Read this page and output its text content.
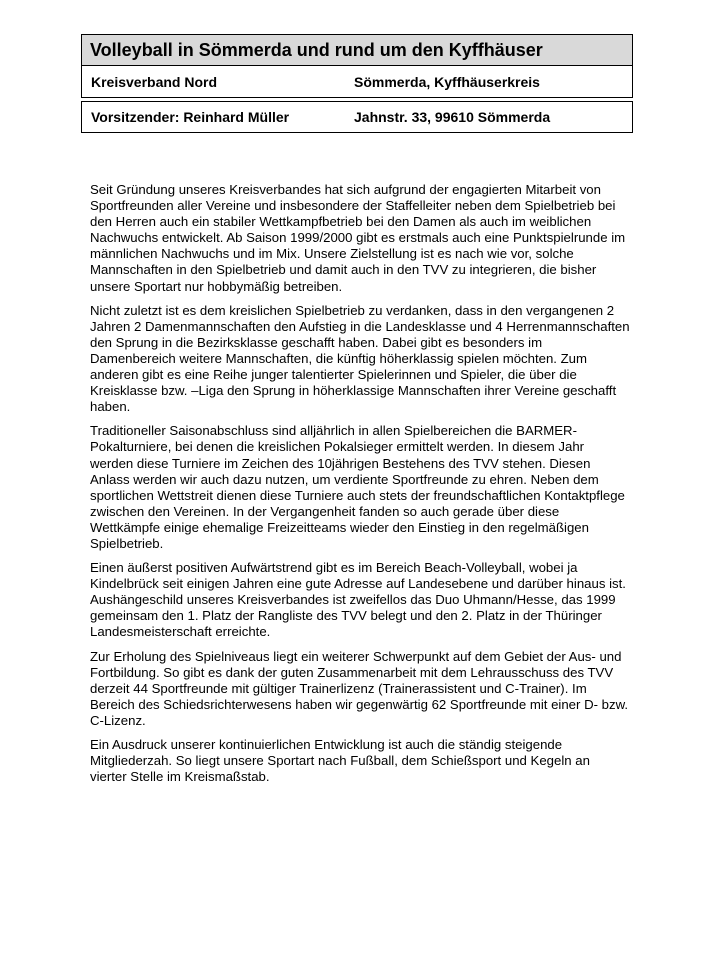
Volleyball in Sömmerda und rund um den Kyffhäuser
Kreisverband Nord	Sömmerda, Kyffhäuserkreis
Vorsitzender: Reinhard Müller	Jahnstr. 33, 99610 Sömmerda

Seit Gründung unseres Kreisverbandes hat sich aufgrund der engagierten Mitarbeit von Sportfreunden aller Vereine und insbesondere der Staffelleiter neben dem Spielbetrieb bei den Herren auch ein stabiler Wettkampfbetrieb bei den Damen als auch im weiblichen Nachwuchs entwickelt. Ab Saison 1999/2000 gibt es erstmals auch eine Punktspielrunde im männlichen Nachwuchs und im Mix. Unsere Zielstellung ist es nach wie vor, solche Mannschaften in den Spielbetrieb und damit auch in den TVV zu integrieren, die bisher unsere Sportart nur hobbymäßig betreiben.

Nicht zuletzt ist es dem kreislichen Spielbetrieb zu verdanken, dass in den vergangenen 2 Jahren 2 Damenmannschaften den Aufstieg in die Landesklasse und 4 Herrenmannschaften den Sprung in die Bezirksklasse geschafft haben. Dabei gibt es besonders im Damenbereich weitere Mannschaften, die künftig höherklassig spielen möchten. Zum anderen gibt es eine Reihe junger talentierter Spielerinnen und Spieler, die über die Kreisklasse bzw. –Liga den Sprung in höherklassige Mannschaften ihrer Vereine geschafft haben.

Traditioneller Saisonabschluss sind alljährlich in allen Spielbereichen die BARMER-Pokalturniere, bei denen die kreislichen Pokalsieger ermittelt werden. In diesem Jahr werden diese Turniere im Zeichen des 10jährigen Bestehens des TVV stehen. Diesen Anlass werden wir auch dazu nutzen, um verdiente Sportfreunde zu ehren. Neben dem sportlichen Wettstreit dienen diese Turniere auch stets der freundschaftlichen Kontaktpflege zwischen den Vereinen. In der Vergangenheit fanden so auch gerade über diese Wettkämpfe einige ehemalige Freizeitteams wieder den Einstieg in den regelmäßigen Spielbetrieb.

Einen äußerst positiven Aufwärtstrend gibt es im Bereich Beach-Volleyball, wobei ja Kindelbrück seit einigen Jahren eine gute Adresse auf Landesebene und darüber hinaus ist. Aushängeschild unseres Kreisverbandes ist zweifellos das Duo Uhmann/Hesse, das 1999 gemeinsam den 1. Platz der Rangliste des TVV belegt und den 2. Platz in der Thüringer Landesmeisterschaft erreichte.

Zur Erholung des Spielniveaus liegt ein weiterer Schwerpunkt auf dem Gebiet der Aus- und Fortbildung. So gibt es dank der guten Zusammenarbeit mit dem Lehrausschuss des TVV derzeit 44 Sportfreunde mit gültiger Trainerlizenz (Trainerassistent und C-Trainer). Im Bereich des Schiedsrichterwesens haben wir gegenwärtig 62 Sportfreunde mit einer D- bzw. C-Lizenz.

Ein Ausdruck unserer kontinuierlichen Entwicklung ist auch die ständig steigende Mitgliederzah. So liegt unsere Sportart nach Fußball, dem Schießsport und Kegeln an vierter Stelle im Kreismaßstab.
